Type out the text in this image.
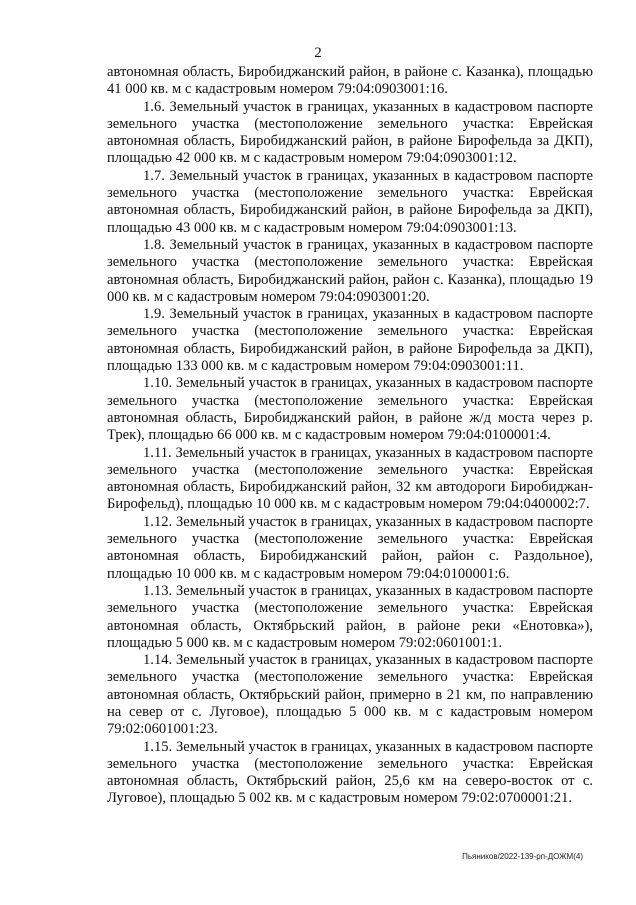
2

автономная область, Биробиджанский район, в районе с. Казанка), площадью 41 000 кв. м с кадастровым номером 79:04:0903001:16.

1.6. Земельный участок в границах, указанных в кадастровом паспорте земельного участка (местоположение земельного участка: Еврейская автономная область, Биробиджанский район, в районе Бирофельда за ДКП), площадью 42 000 кв. м с кадастровым номером 79:04:0903001:12.

1.7. Земельный участок в границах, указанных в кадастровом паспорте земельного участка (местоположение земельного участка: Еврейская автономная область, Биробиджанский район, в районе Бирофельда за ДКП), площадью 43 000 кв. м с кадастровым номером 79:04:0903001:13.

1.8. Земельный участок в границах, указанных в кадастровом паспорте земельного участка (местоположение земельного участка: Еврейская автономная область, Биробиджанский район, район с. Казанка), площадью 19 000 кв. м с кадастровым номером 79:04:0903001:20.

1.9. Земельный участок в границах, указанных в кадастровом паспорте земельного участка (местоположение земельного участка: Еврейская автономная область, Биробиджанский район, в районе Бирофельда за ДКП), площадью 133 000 кв. м с кадастровым номером 79:04:0903001:11.

1.10. Земельный участок в границах, указанных в кадастровом паспорте земельного участка (местоположение земельного участка: Еврейская автономная область, Биробиджанский район, в районе ж/д моста через р. Трек), площадью 66 000 кв. м с кадастровым номером 79:04:0100001:4.

1.11. Земельный участок в границах, указанных в кадастровом паспорте земельного участка (местоположение земельного участка: Еврейская автономная область, Биробиджанский район, 32 км автодороги Биробиджан-Бирофельд), площадью 10 000 кв. м с кадастровым номером 79:04:0400002:7.

1.12. Земельный участок в границах, указанных в кадастровом паспорте земельного участка (местоположение земельного участка: Еврейская автономная область, Биробиджанский район, район с. Раздольное), площадью 10 000 кв. м с кадастровым номером 79:04:0100001:6.

1.13. Земельный участок в границах, указанных в кадастровом паспорте земельного участка (местоположение земельного участка: Еврейская автономная область, Октябрьский район, в районе реки «Енотовка»), площадью 5 000 кв. м с кадастровым номером 79:02:0601001:1.

1.14. Земельный участок в границах, указанных в кадастровом паспорте земельного участка (местоположение земельного участка: Еврейская автономная область, Октябрьский район, примерно в 21 км, по направлению на север от с. Луговое), площадью 5 000 кв. м с кадастровым номером 79:02:0601001:23.

1.15. Земельный участок в границах, указанных в кадастровом паспорте земельного участка (местоположение земельного участка: Еврейская автономная область, Октябрьский район, 25,6 км на северо-восток от с. Луговое), площадью 5 002 кв. м с кадастровым номером 79:02:0700001:21.

Пьяников/2022-139-рп-ДОЖМ(4)
